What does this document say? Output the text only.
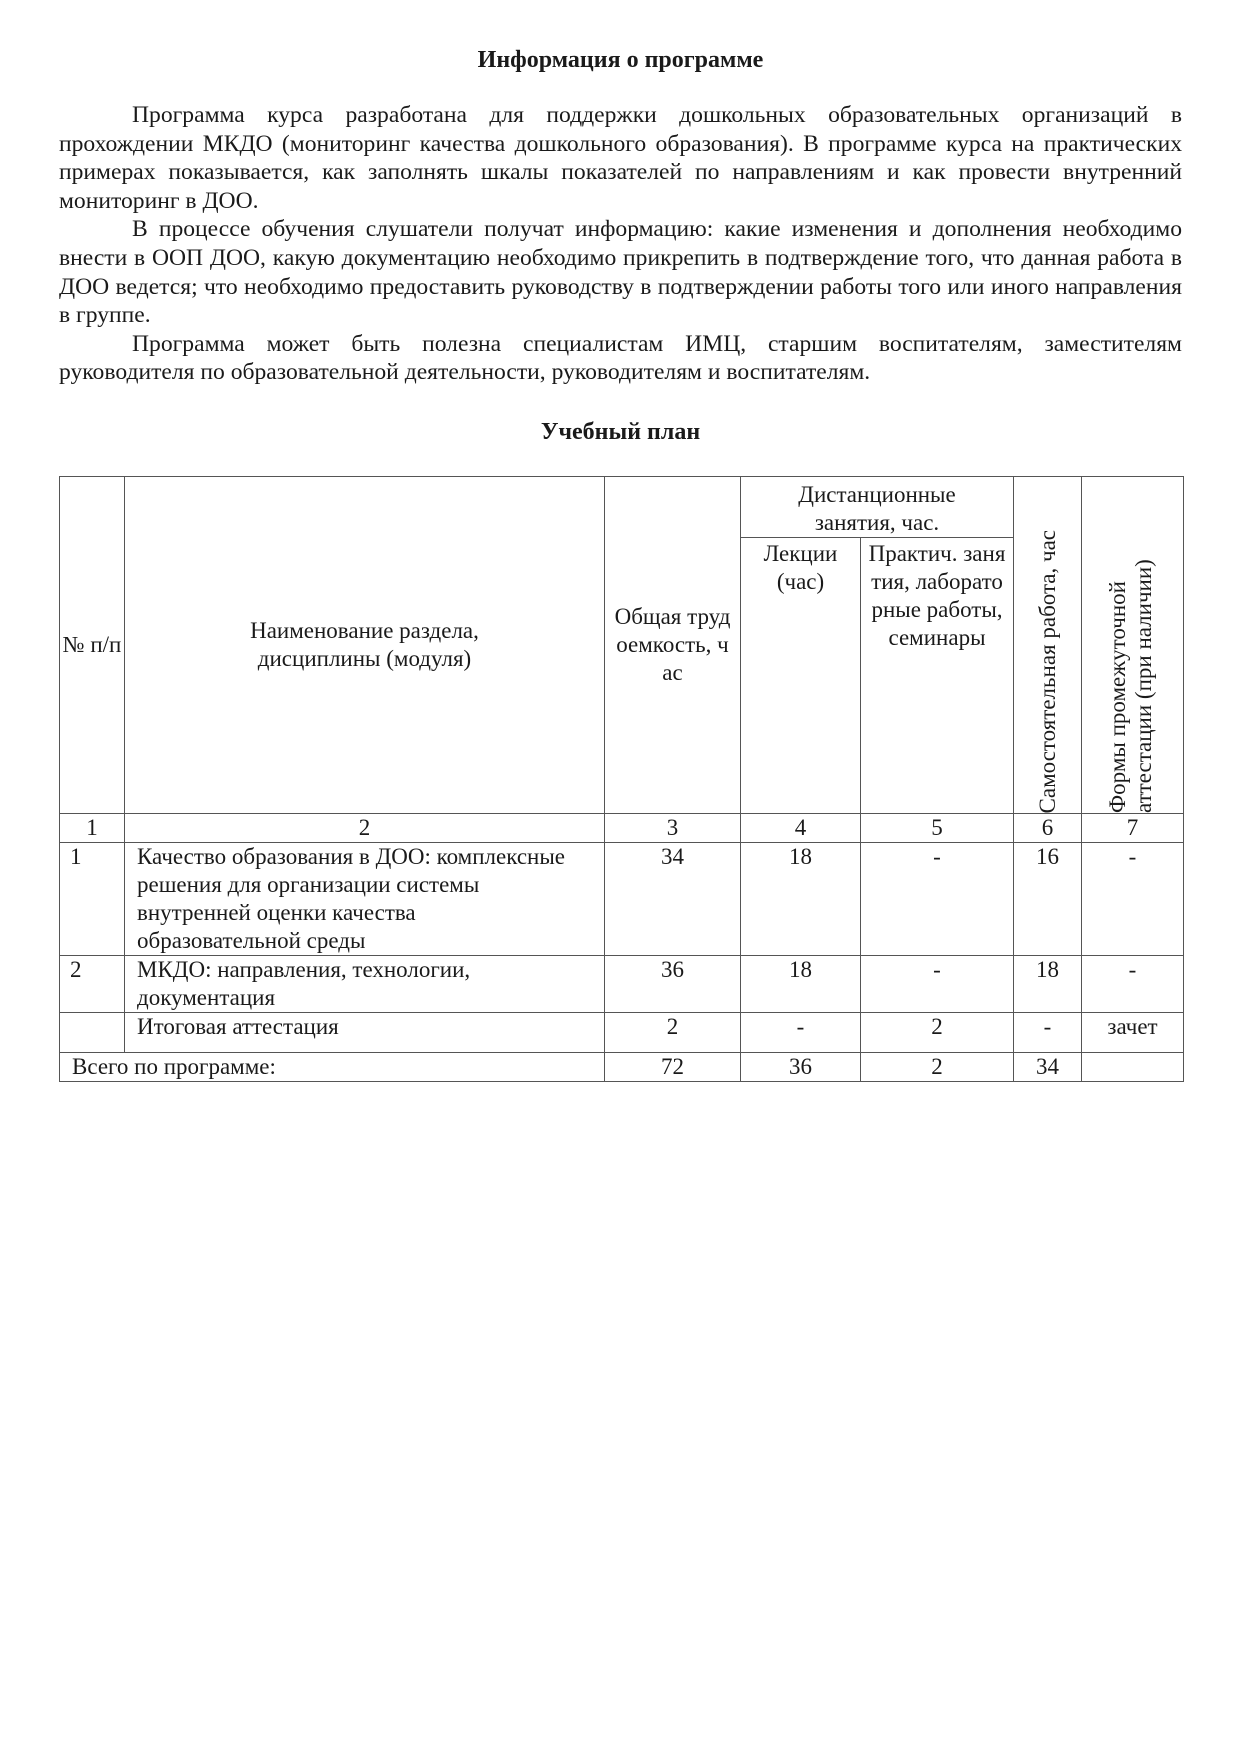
Информация о программе

Программа курса разработана для поддержки дошкольных образовательных организаций в прохождении МКДО (мониторинг качества дошкольного образования). В программе курса на практических примерах показывается, как заполнять шкалы показателей по направлениям и как провести внутренний мониторинг в ДОО.

В процессе обучения слушатели получат информацию: какие изменения и дополнения необходимо внести в ООП ДОО, какую документацию необходимо прикрепить в подтверждение того, что данная работа в ДОО ведется; что необходимо предоставить руководству в подтверждении работы того или иного направления в группе.

Программа может быть полезна специалистам ИМЦ, старшим воспитателям, заместителям руководителя по образовательной деятельности, руководителям и воспитателям.

Учебный план
№ п/п	Наименование раздела, дисциплины (модуля)	Общая трудоемкость, час	Дистанционные занятия, час.		Самостоятельная работа, час	Формы промежуточной аттестации (при наличии)

			Лекции (час)	Практич. занятия, лабораторные работы, семинары		
1	2	3	4	5	6	7
1	Качество образования в ДОО: комплексные решения для организации системы внутренней оценки качества образовательной среды	34	18	-	16	-
2	МКДО: направления, технологии, документация	36	18	-	18	-
	Итоговая аттестация	2	-	2	-	зачет
Всего по программе:		72	36	2	34	
